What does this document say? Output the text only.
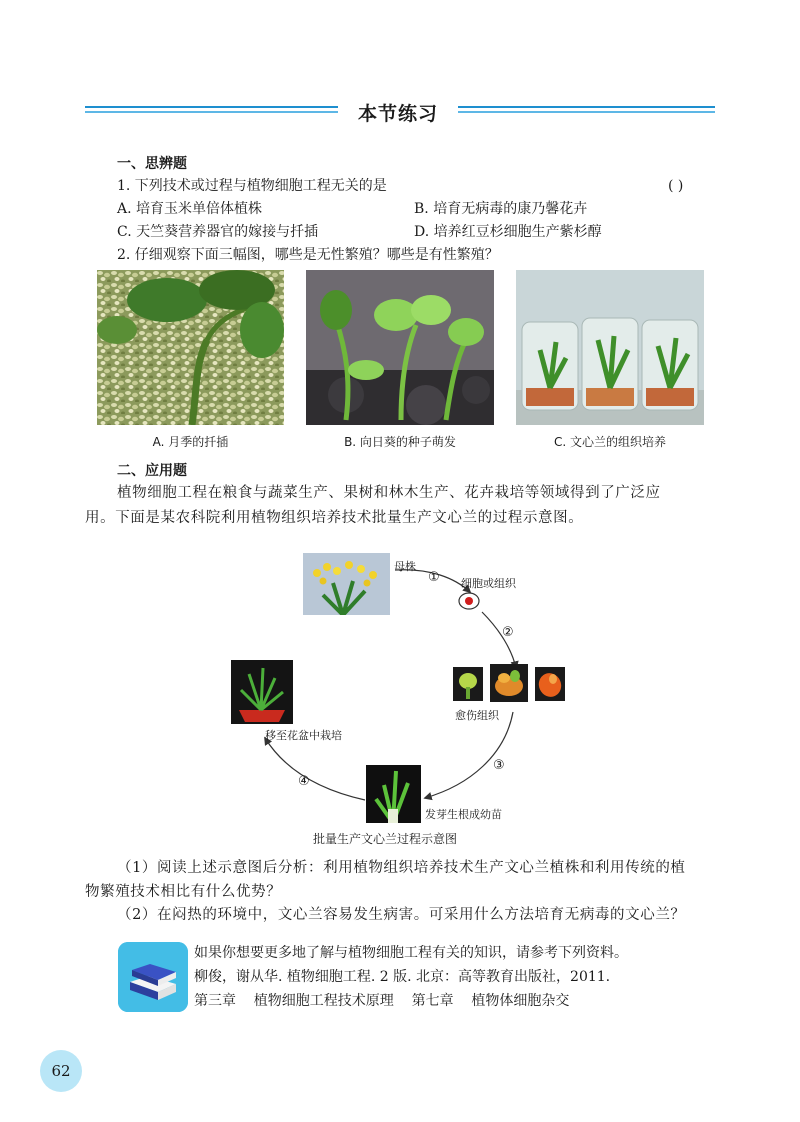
本节练习
一、思辨题
1. 下列技术或过程与植物细胞工程无关的是	( )
A. 培育玉米单倍体植株	B. 培育无病毒的康乃馨花卉
C. 天竺葵营养器官的嫁接与扦插	D. 培养红豆杉细胞生产紫杉醇
2. 仔细观察下面三幅图，哪些是无性繁殖？哪些是有性繁殖？
A. 月季的扦插	B. 向日葵的种子萌发	C. 文心兰的组织培养
二、应用题
植物细胞工程在粮食与蔬菜生产、果树和林木生产、花卉栽培等领域得到了广泛应
用。下面是某农科院利用植物组织培养技术批量生产文心兰的过程示意图。
母株
① 细胞或组织
②
愈伤组织
移至花盆中栽培
④
③
发芽生根成幼苗
批量生产文心兰过程示意图
（1）阅读上述示意图后分析：利用植物组织培养技术生产文心兰植株和利用传统的植
物繁殖技术相比有什么优势？
（2）在闷热的环境中，文心兰容易发生病害。可采用什么方法培育无病毒的文心兰？
如果你想要更多地了解与植物细胞工程有关的知识，请参考下列资料。
柳俊，谢从华. 植物细胞工程. 2 版. 北京：高等教育出版社，2011.
第三章    植物细胞工程技术原理    第七章    植物体细胞杂交
62
